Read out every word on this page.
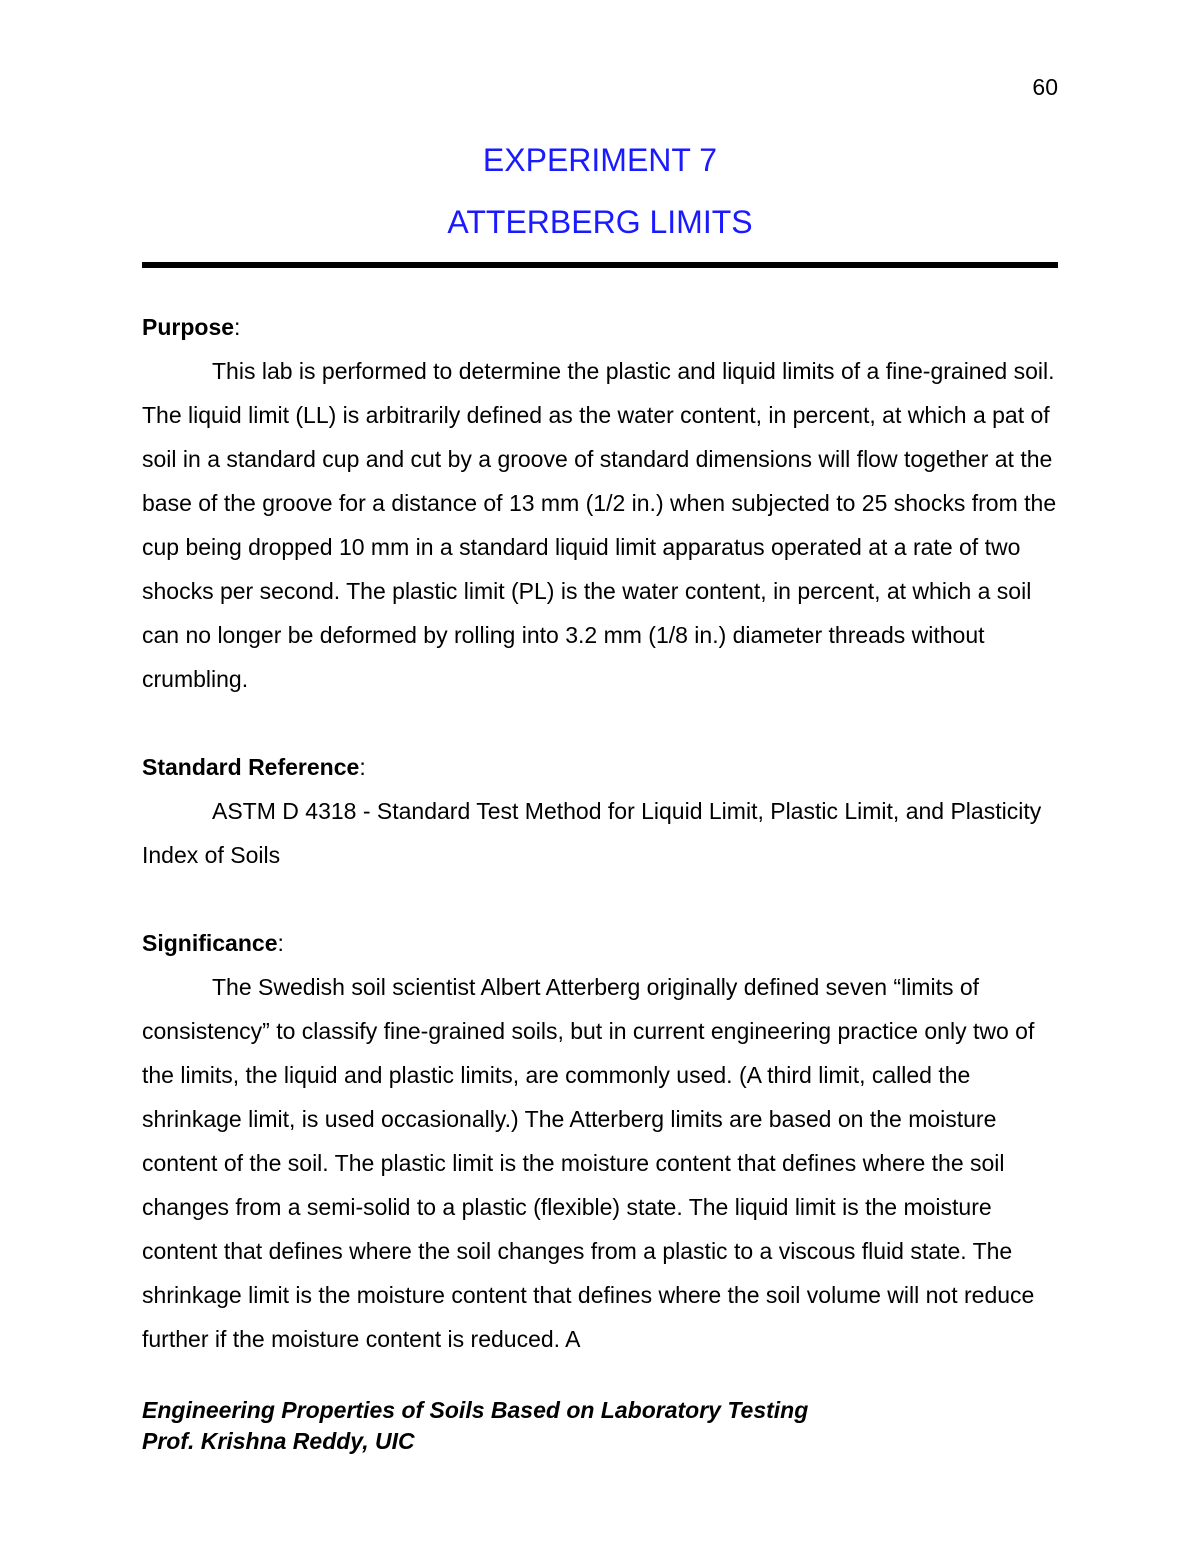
60
EXPERIMENT 7
ATTERBERG LIMITS
Purpose:

This lab is performed to determine the plastic and liquid limits of a fine-grained soil. The liquid limit (LL) is arbitrarily defined as the water content, in percent, at which a pat of soil in a standard cup and cut by a groove of standard dimensions will flow together at the base of the groove for a distance of 13 mm (1/2 in.) when subjected to 25 shocks from the cup being dropped 10 mm in a standard liquid limit apparatus operated at a rate of two shocks per second. The plastic limit (PL) is the water content, in percent, at which a soil can no longer be deformed by rolling into 3.2 mm (1/8 in.) diameter threads without crumbling.

Standard Reference:

ASTM D 4318 - Standard Test Method for Liquid Limit, Plastic Limit, and Plasticity Index of Soils

Significance:

The Swedish soil scientist Albert Atterberg originally defined seven “limits of consistency” to classify fine-grained soils, but in current engineering practice only two of the limits, the liquid and plastic limits, are commonly used. (A third limit, called the shrinkage limit, is used occasionally.) The Atterberg limits are based on the moisture content of the soil. The plastic limit is the moisture content that defines where the soil changes from a semi-solid to a plastic (flexible) state. The liquid limit is the moisture content that defines where the soil changes from a plastic to a viscous fluid state. The shrinkage limit is the moisture content that defines where the soil volume will not reduce further if the moisture content is reduced. A

Engineering Properties of Soils Based on Laboratory Testing
Prof. Krishna Reddy, UIC
